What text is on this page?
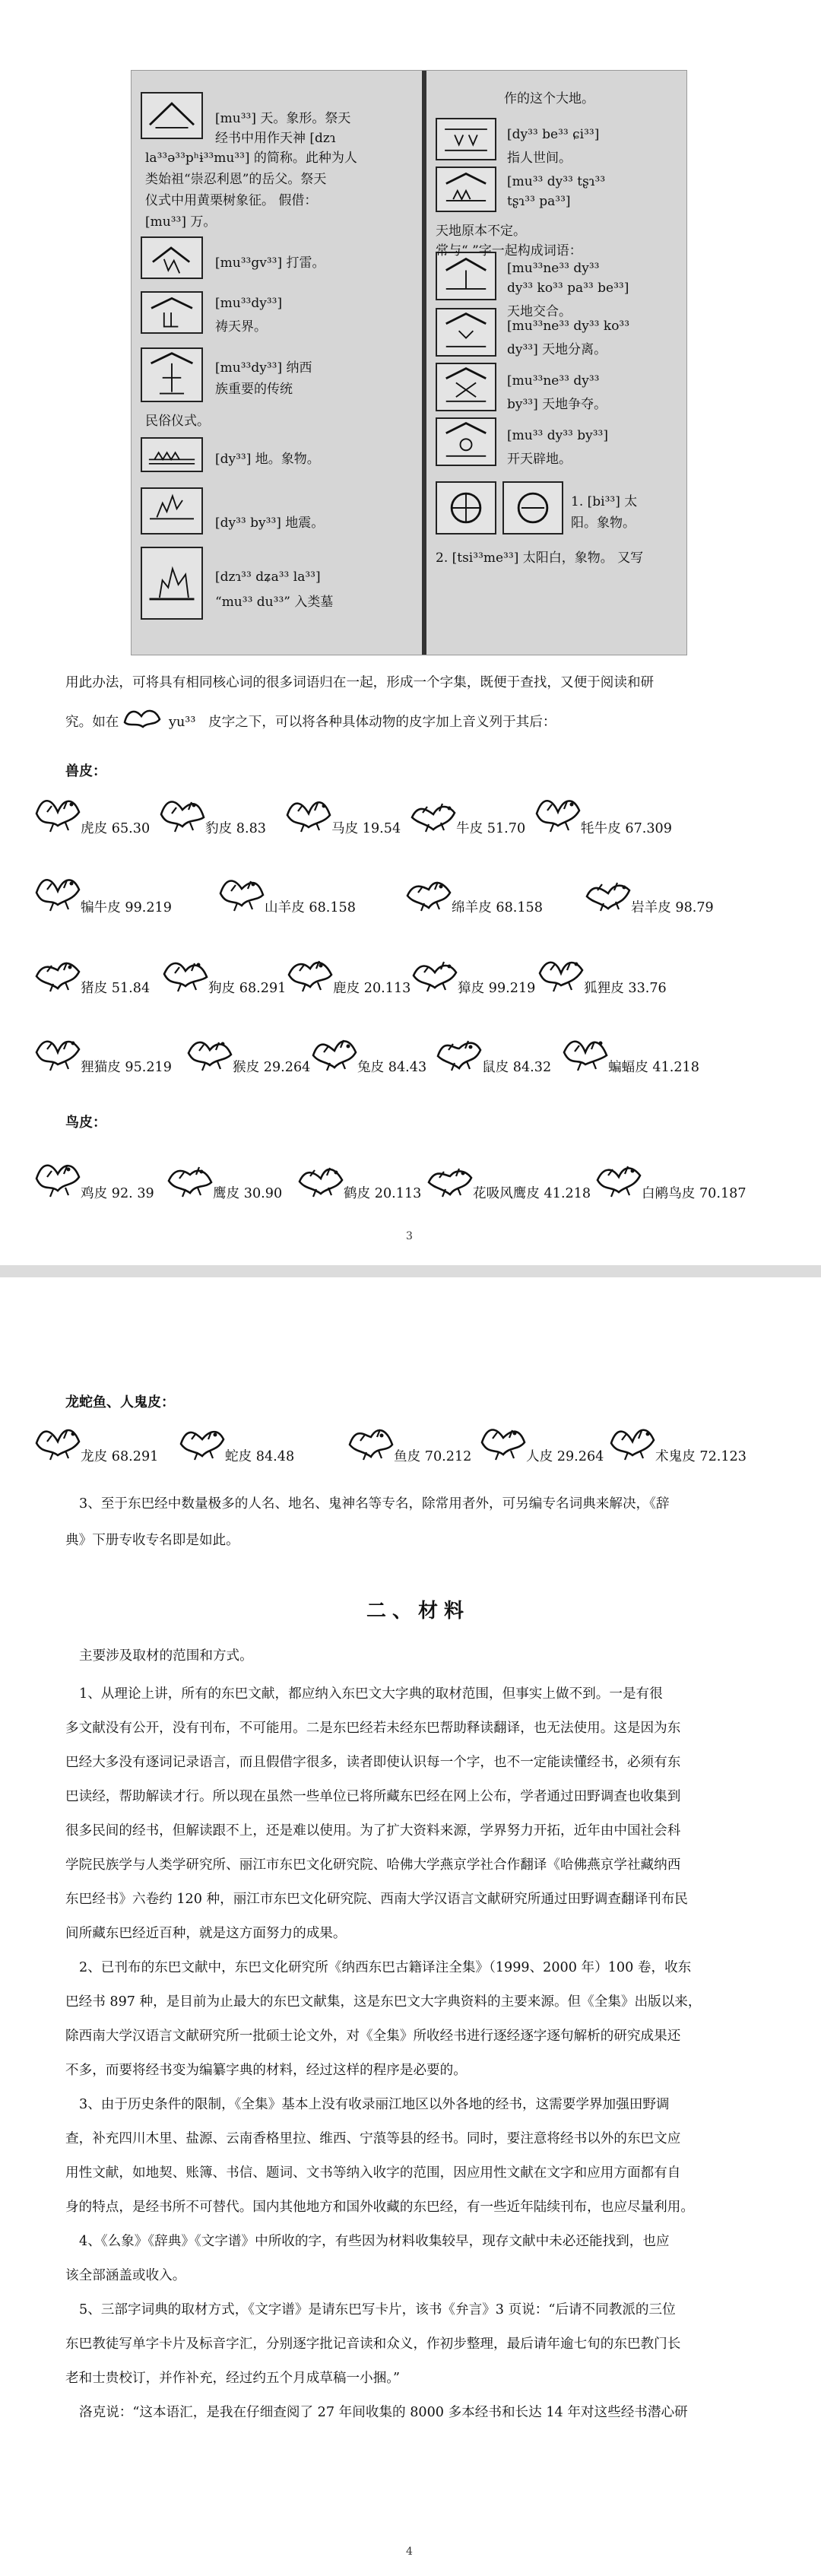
[mu³³] 天。象形。祭天
经书中用作天神 [dzɿ
la³³ǝ³³pʰɨ³³mu³³] 的简称。此种为人
类始祖“崇忍利恩”的岳父。祭天
仪式中用黄栗树象征。 假借：
[mu³³] 万。
[mu³³gv³³] 打雷。
[mu³³dy³³]
祷天界。
[mu³³dy³³] 纳西
族重要的传统
民俗仪式。
[dy³³] 地。象物。
[dy³³ by³³] 地震。
[dzɿ³³ dʑa³³ la³³]
“mu³³ du³³” 入类墓
作的这个大地。
[dy³³ be³³ ɕi³³]
指人世间。
[mu³³ dy³³ tʂɿ³³
tʂɿ³³ pa³³]
天地原本不定。
常与“ ”字一起构成词语：
[mu³³ne³³ dy³³
dy³³ ko³³ pa³³ be³³]
天地交合。
[mu³³ne³³ dy³³ ko³³
dy³³] 天地分离。
[mu³³ne³³ dy³³
by³³] 天地争夺。
[mu³³ dy³³ by³³]
开天辟地。
1. [bi³³] 太
阳。象物。
2. [tsi³³me³³] 太阳白，象物。 又写
用此办法，可将具有相同核心词的很多词语归在一起，形成一个字集，既便于查找，又便于阅读和研
究。如在	yu³³ 皮字之下，可以将各种具体动物的皮字加上音义列于其后：
兽皮：
鸟皮：
3
虎皮 65.30	豹皮 8.83	马皮 19.54	牛皮 51.70	牦牛皮 67.309
犏牛皮 99.219	山羊皮 68.158	绵羊皮 68.158	岩羊皮 98.79
猪皮 51.84	狗皮 68.291	鹿皮 20.113	獐皮 99.219	狐狸皮 33.76
狸猫皮 95.219	猴皮 29.264	兔皮 84.43	鼠皮 84.32	蝙蝠皮 41.218
鸡皮 92. 39	鹰皮 30.90	鹤皮 20.113	花吸风鹰皮 41.218	白鹇鸟皮 70.187
龙蛇鱼、人鬼皮：
3、至于东巴经中数量极多的人名、地名、鬼神名等专名，除常用者外，可另编专名词典来解决，《辞
典》下册专收专名即是如此。
二、材料
主要涉及取材的范围和方式。
1、从理论上讲，所有的东巴文献，都应纳入东巴文大字典的取材范围，但事实上做不到。一是有很
多文献没有公开，没有刊布，不可能用。二是东巴经若未经东巴帮助释读翻译，也无法使用。这是因为东
巴经大多没有逐词记录语言，而且假借字很多，读者即使认识每一个字，也不一定能读懂经书，必须有东
巴读经，帮助解读才行。所以现在虽然一些单位已将所藏东巴经在网上公布，学者通过田野调查也收集到
很多民间的经书，但解读跟不上，还是难以使用。为了扩大资料来源，学界努力开拓，近年由中国社会科
学院民族学与人类学研究所、丽江市东巴文化研究院、哈佛大学燕京学社合作翻译《哈佛燕京学社藏纳西
东巴经书》六卷约 120 种，丽江市东巴文化研究院、西南大学汉语言文献研究所通过田野调查翻译刊布民
间所藏东巴经近百种，就是这方面努力的成果。
2、已刊布的东巴文献中，东巴文化研究所《纳西东巴古籍译注全集》（1999、2000 年）100 卷，收东
巴经书 897 种，是目前为止最大的东巴文献集，这是东巴文大字典资料的主要来源。但《全集》出版以来，
除西南大学汉语言文献研究所一批硕士论文外，对《全集》所收经书进行逐经逐字逐句解析的研究成果还
不多，而要将经书变为编纂字典的材料，经过这样的程序是必要的。
3、由于历史条件的限制，《全集》基本上没有收录丽江地区以外各地的经书，这需要学界加强田野调
查，补充四川木里、盐源、云南香格里拉、维西、宁蒗等县的经书。同时，要注意将经书以外的东巴文应
用性文献，如地契、账簿、书信、题词、文书等纳入收字的范围，因应用性文献在文字和应用方面都有自
身的特点，是经书所不可替代。国内其他地方和国外收藏的东巴经，有一些近年陆续刊布，也应尽量利用。
4、《么象》《辞典》《文字谱》中所收的字，有些因为材料收集较早，现存文献中未必还能找到，也应
该全部涵盖或收入。
5、三部字词典的取材方式，《文字谱》是请东巴写卡片，该书《弁言》3 页说：“后请不同教派的三位
东巴教徒写单字卡片及标音字汇，分别逐字批记音读和众义，作初步整理，最后请年逾七旬的东巴教门长
老和士贵校订，并作补充，经过约五个月成草稿一小捆。”
洛克说：“这本语汇，是我在仔细查阅了 27 年间收集的 8000 多本经书和长达 14 年对这些经书潜心研
4
龙皮 68.291	蛇皮 84.48	鱼皮 70.212	人皮 29.264	术鬼皮 72.123
